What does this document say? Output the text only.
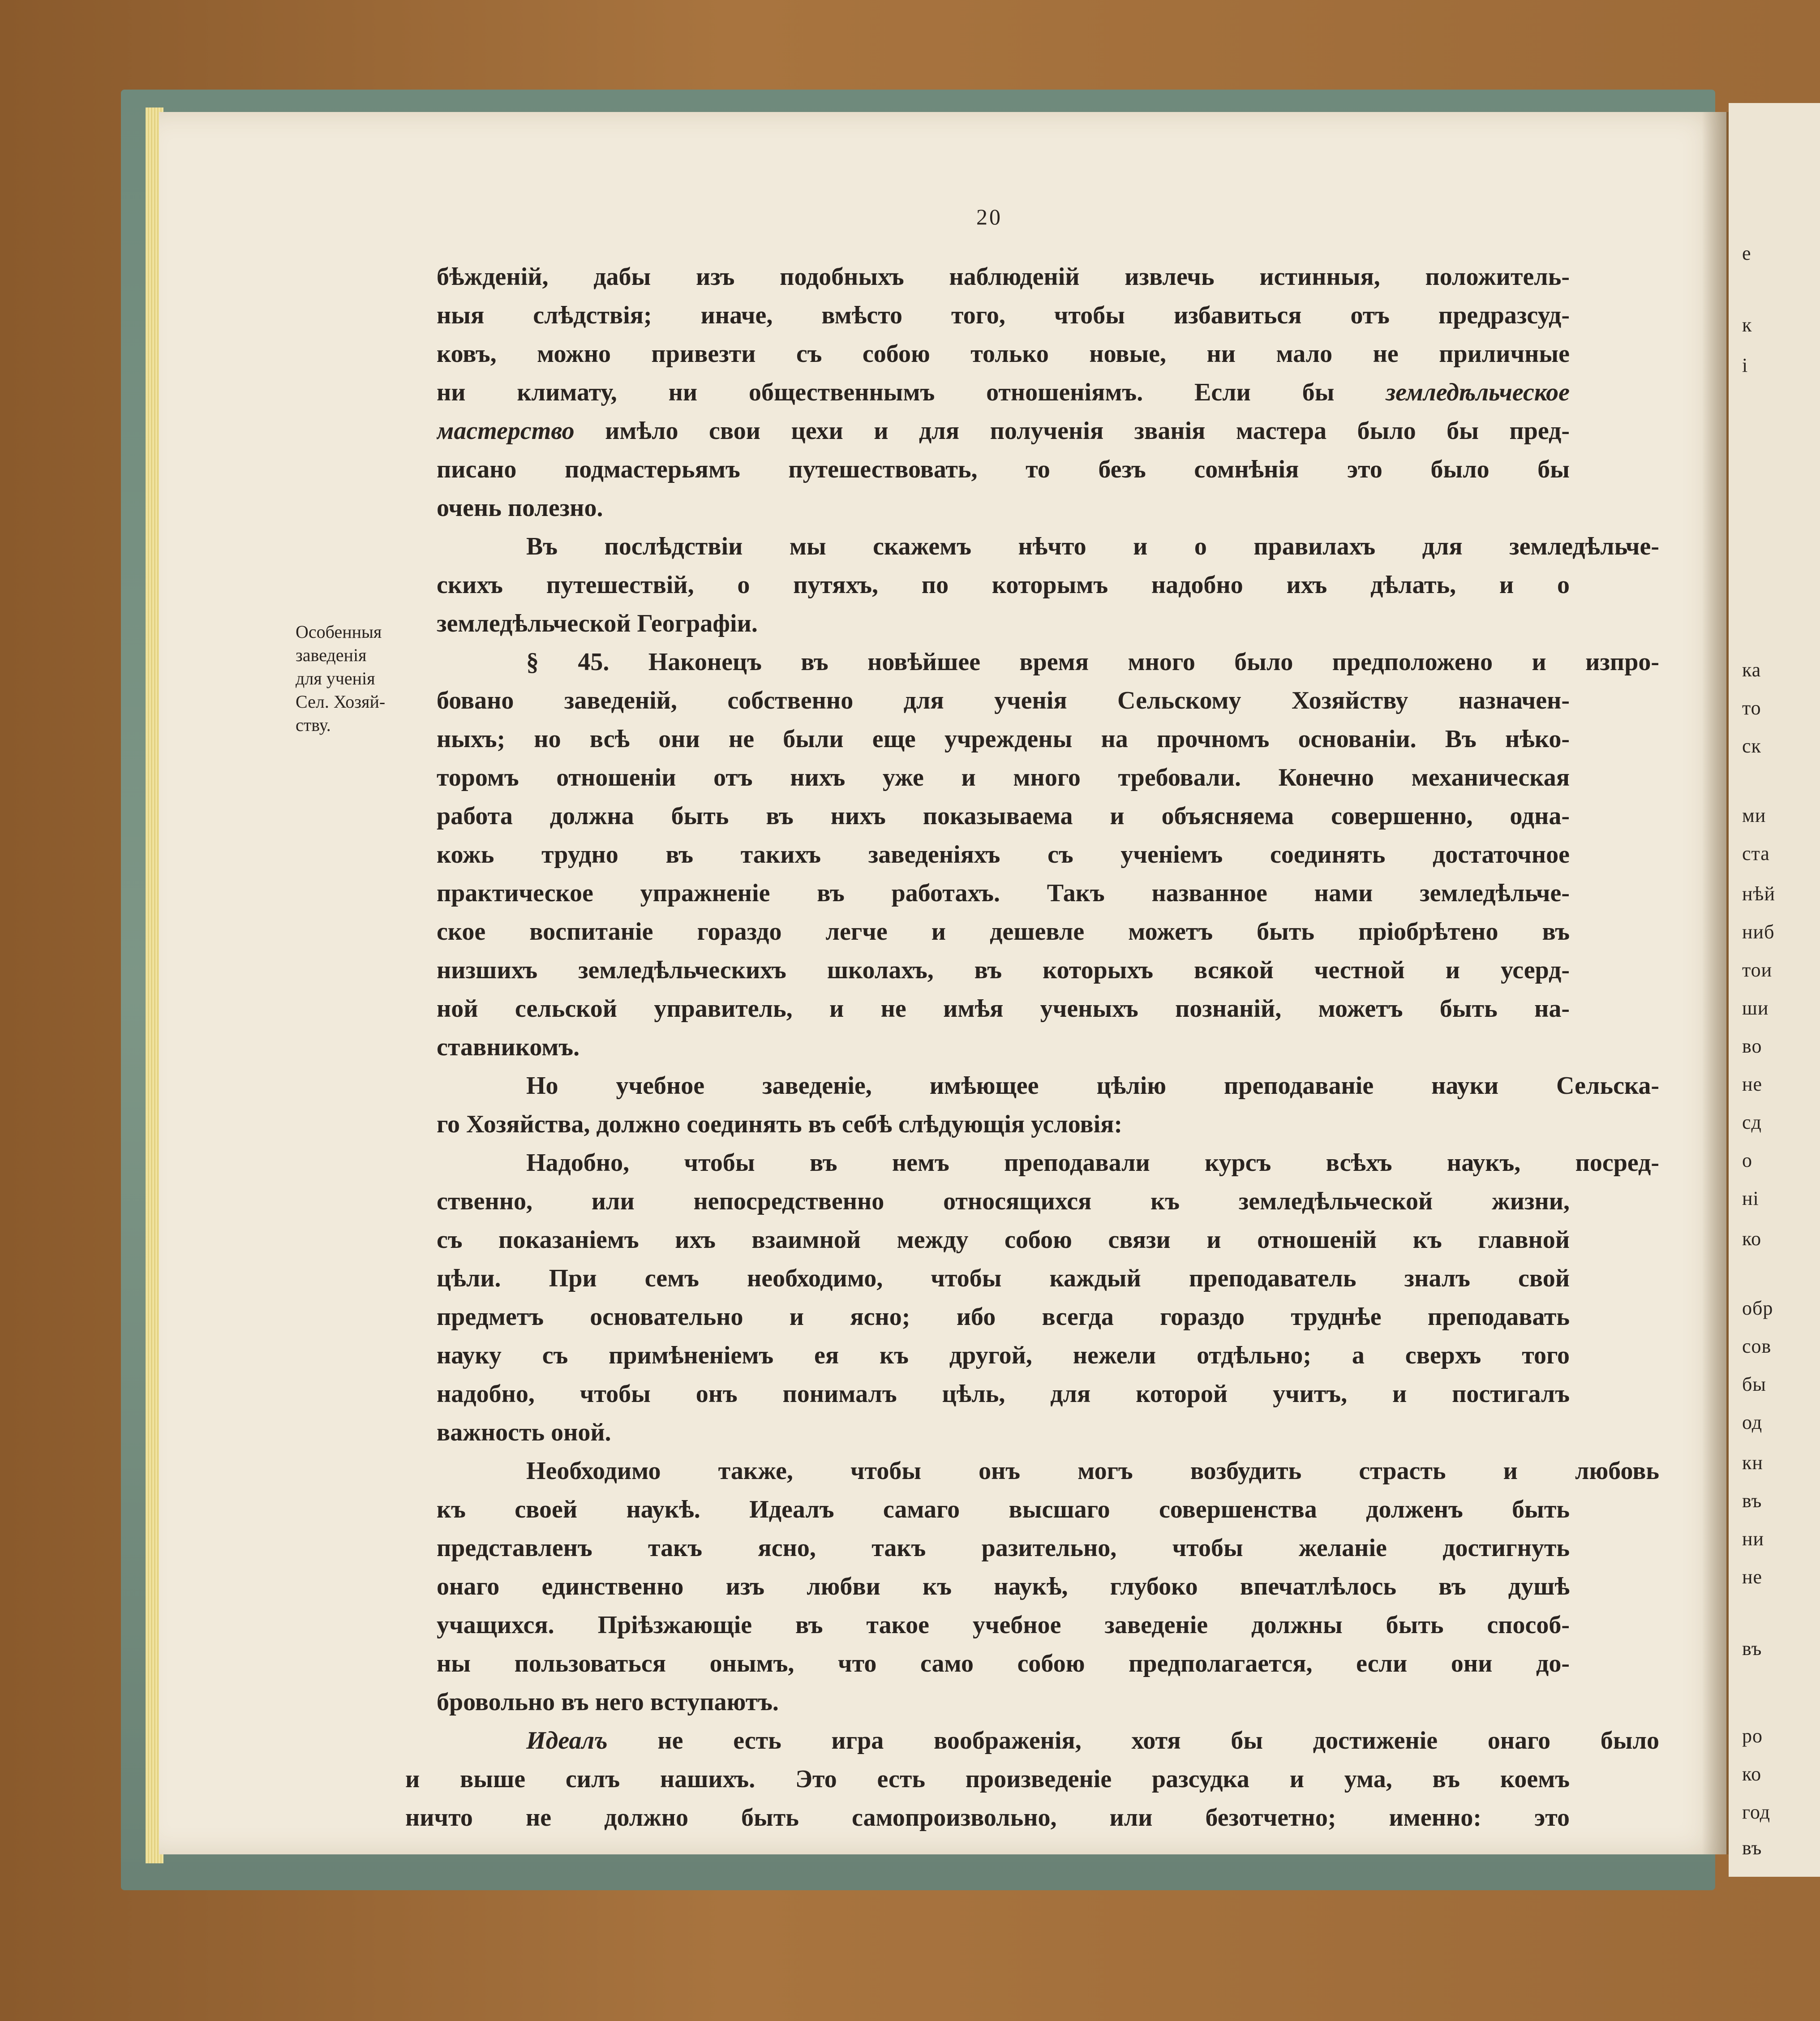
е
к
і
ка
то
ск
ми
ста
нѣй
ниб
тои
ши
во
не
сд
о
ні
ко
обр
сов
бы
од
кн
въ
ни
не
въ
ро
ко
год
въ
20
Особенныя
заведенія
для ученія
Сел. Хозяй-
ству.
бѣжденій, дабы изъ подобныхъ наблюденій извлечь истинныя, положитель-
ныя слѣдствія; иначе, вмѣсто того, чтобы избавиться отъ предразсуд-
ковъ, можно привезти съ собою только новые, ни мало не приличные
ни климату, ни общественнымъ отношеніямъ. Если бы земледѣльческое
мастерство имѣло свои цехи и для полученія званія мастера было бы пред-
писано подмастерьямъ путешествовать, то безъ сомнѣнія это было бы
очень полезно.
Въ послѣдствіи мы скажемъ нѣчто и о правилахъ для земледѣльче-
скихъ путешествій, о путяхъ, по которымъ надобно ихъ дѣлать, и о
земледѣльческой Географіи.
§ 45. Наконецъ въ новѣйшее время много было предположено и изпро-
бовано заведеній, собственно для ученія Сельскому Хозяйству назначен-
ныхъ; но всѣ они не были еще учреждены на прочномъ основаніи. Въ нѣко-
торомъ отношеніи отъ нихъ уже и много требовали. Конечно механическая
работа должна быть въ нихъ показываема и объясняема совершенно, одна-
кожь трудно въ такихъ заведеніяхъ съ ученіемъ соединять достаточное
практическое упражненіе въ работахъ. Такъ названное нами земледѣльче-
ское воспитаніе гораздо легче и дешевле можетъ быть пріобрѣтено въ
низшихъ земледѣльческихъ школахъ, въ которыхъ всякой честной и усерд-
ной сельской управитель, и не имѣя ученыхъ познаній, можетъ быть на-
ставникомъ.
Но учебное заведеніе, имѣющее цѣлію преподаваніе науки Сельска-
го Хозяйства, должно соединять въ себѣ слѣдующія условія:
Надобно, чтобы въ немъ преподавали курсъ всѣхъ наукъ, посред-
ственно, или непосредственно относящихся къ земледѣльческой жизни,
съ показаніемъ ихъ взаимной между собою связи и отношеній къ главной
цѣли. При семъ необходимо, чтобы каждый преподаватель зналъ свой
предметъ основательно и ясно; ибо всегда гораздо труднѣе преподавать
науку съ примѣненіемъ ея къ другой, нежели отдѣльно; а сверхъ того
надобно, чтобы онъ понималъ цѣль, для которой учитъ, и постигалъ
важность оной.
Необходимо также, чтобы онъ могъ возбудить страсть и любовь
къ своей наукѣ. Идеалъ самаго высшаго совершенства долженъ быть
представленъ такъ ясно, такъ разительно, чтобы желаніе достигнуть
онаго единственно изъ любви къ наукѣ, глубоко впечатлѣлось въ душѣ
учащихся. Пріѣзжающіе въ такое учебное заведеніе должны быть способ-
ны пользоваться онымъ, что само собою предполагается, если они до-
бровольно въ него вступаютъ.
Идеалъ не есть игра воображенія, хотя бы достиженіе онаго было
и выше силъ нашихъ. Это есть произведеніе разсудка и ума, въ коемъ
ничто не должно быть самопроизвольно, или безотчетно; именно: это
